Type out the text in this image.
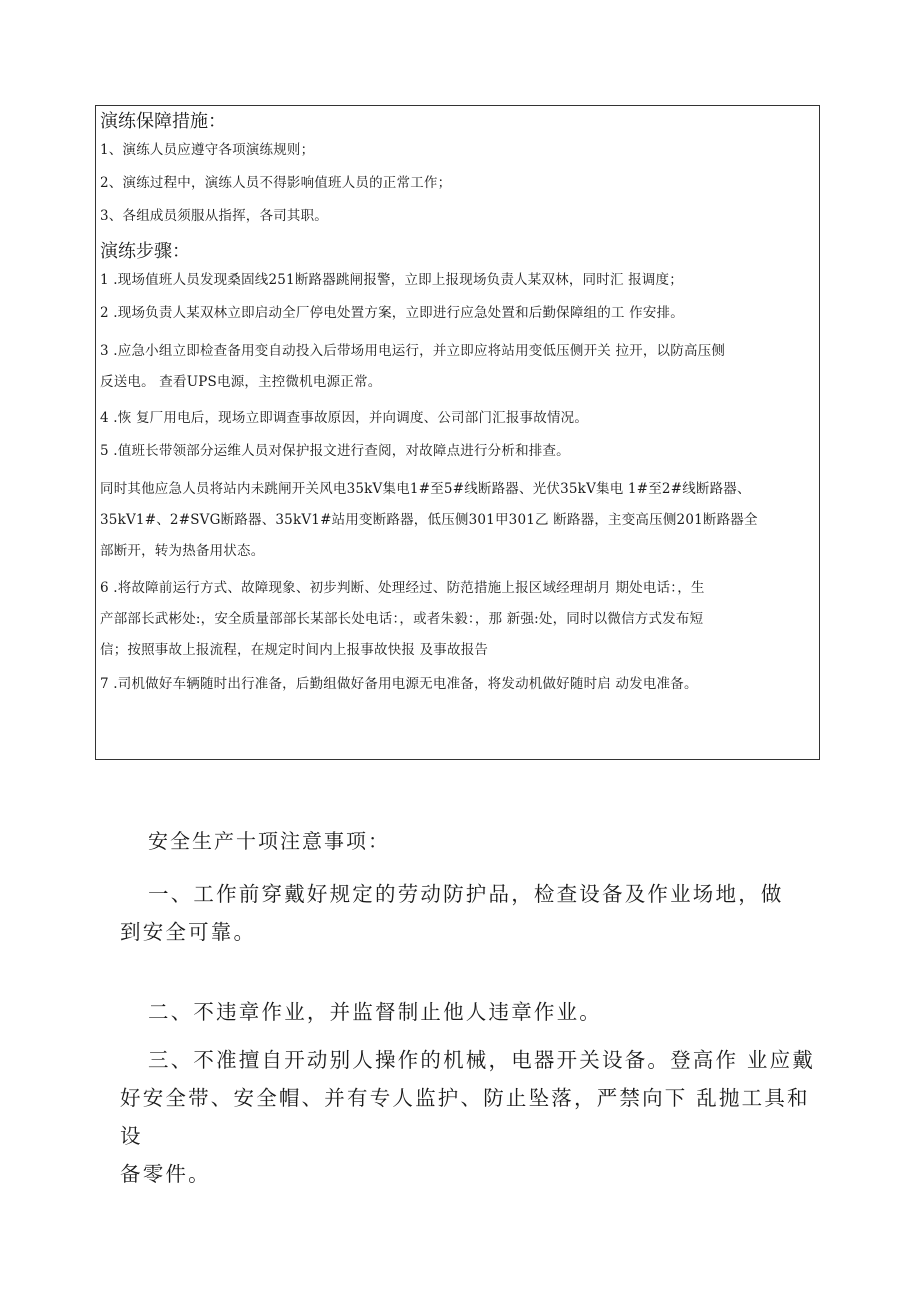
演练保障措施：
1、演练人员应遵守各项演练规则；
2、演练过程中，演练人员不得影响值班人员的正常工作；
3、各组成员须服从指挥，各司其职。
演练步骤：
1 .现场值班人员发现桑固线251断路器跳闸报警，立即上报现场负责人某双林，同时汇 报调度；
2 .现场负责人某双林立即启动全厂停电处置方案，立即进行应急处置和后勤保障组的工 作安排。
3 .应急小组立即检查备用变自动投入后带场用电运行，并立即应将站用变低压侧开关 拉开，以防高压侧
反送电。 查看UPS电源，主控微机电源正常。
4 .恢 复厂用电后，现场立即调查事故原因，并向调度、公司部门汇报事故情况。
5 .值班长带领部分运维人员对保护报文进行查阅，对故障点进行分析和排查。
同时其他应急人员将站内未跳闸开关风电35kV集电1#至5#线断路器、光伏35kV集电 1#至2#线断路器、
35kV1#、2#SVG断路器、35kV1#站用变断路器，低压侧301甲301乙 断路器，主变高压侧201断路器全
部断开，转为热备用状态。
6 .将故障前运行方式、故障现象、初步判断、处理经过、防范措施上报区域经理胡月 期处电话：，生
产部部长武彬处:，安全质量部部长某部长处电话：，或者朱毅：，那 新强:处，同时以微信方式发布短
信；按照事故上报流程，在规定时间内上报事故快报 及事故报告
7 .司机做好车辆随时出行准备，后勤组做好备用电源无电准备，将发动机做好随时启 动发电准备。
安全生产十项注意事项：

一、工作前穿戴好规定的劳动防护品，检查设备及作业场地，做

到安全可靠。

二、不违章作业，并监督制止他人违章作业。

三、不准擅自开动别人操作的机械，电器开关设备。登高作 业应戴

好安全带、安全帽、并有专人监护、防止坠落，严禁向下 乱抛工具和设

备零件。
